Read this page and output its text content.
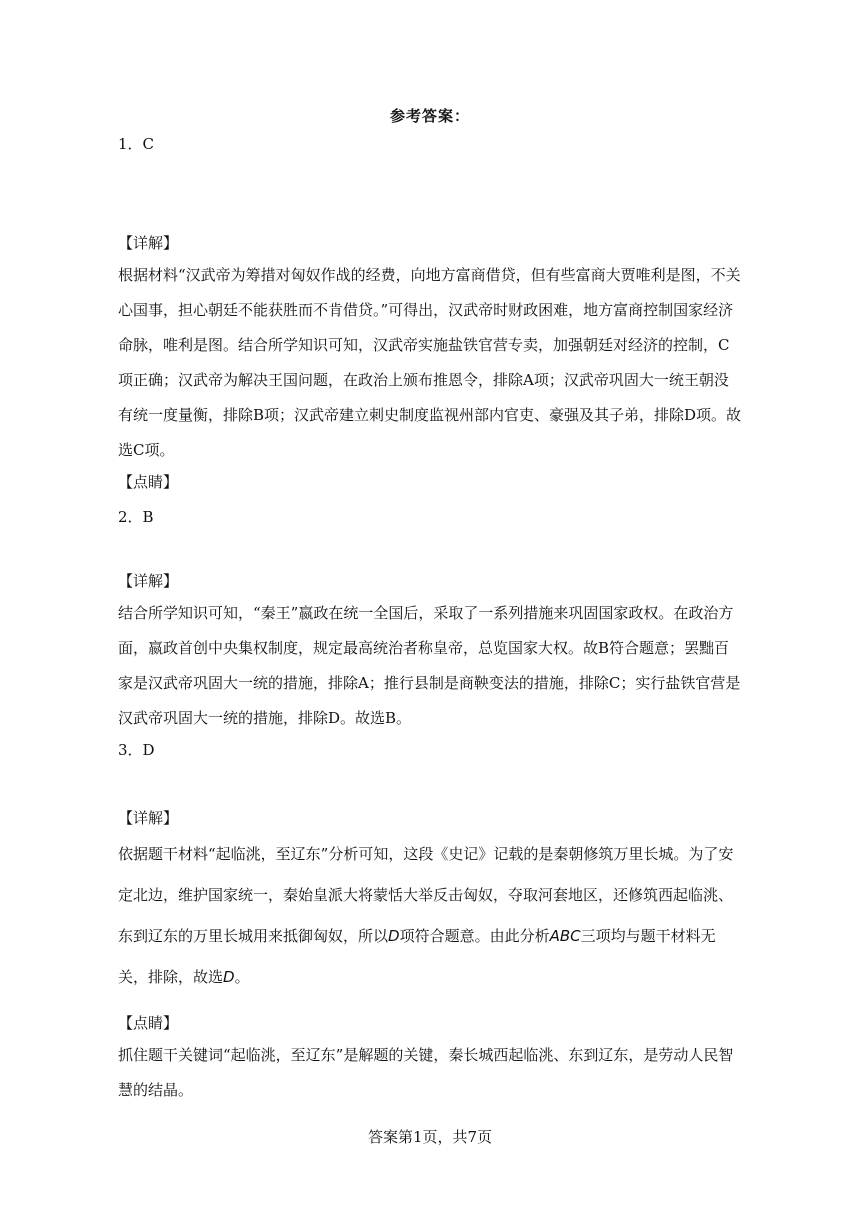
参考答案：
1．C
【详解】
根据材料“汉武帝为筹措对匈奴作战的经费，向地方富商借贷，但有些富商大贾唯利是图，不关心国事，担心朝廷不能获胜而不肯借贷。”可得出，汉武帝时财政困难，地方富商控制国家经济命脉，唯利是图。结合所学知识可知，汉武帝实施盐铁官营专卖，加强朝廷对经济的控制，C项正确；汉武帝为解决王国问题，在政治上颁布推恩令，排除A项；汉武帝巩固大一统王朝没有统一度量衡，排除B项；汉武帝建立刺史制度监视州部内官吏、豪强及其子弟，排除D项。故选C项。
【点睛】
2．B
【详解】
结合所学知识可知，“秦王”嬴政在统一全国后，采取了一系列措施来巩固国家政权。在政治方面，嬴政首创中央集权制度，规定最高统治者称皇帝，总览国家大权。故B符合题意；罢黜百家是汉武帝巩固大一统的措施，排除A；推行县制是商鞅变法的措施，排除C；实行盐铁官营是汉武帝巩固大一统的措施，排除D。故选B。
3．D
【详解】
依据题干材料“起临洮，至辽东”分析可知，这段《史记》记载的是秦朝修筑万里长城。为了安定北边，维护国家统一，秦始皇派大将蒙恬大举反击匈奴，夺取河套地区，还修筑西起临洮、东到辽东的万里长城用来抵御匈奴，所以D项符合题意。由此分析ABC三项均与题干材料无关，排除，故选D。
【点睛】
抓住题干关键词“起临洮，至辽东”是解题的关键，秦长城西起临洮、东到辽东，是劳动人民智慧的结晶。
答案第1页，共7页
